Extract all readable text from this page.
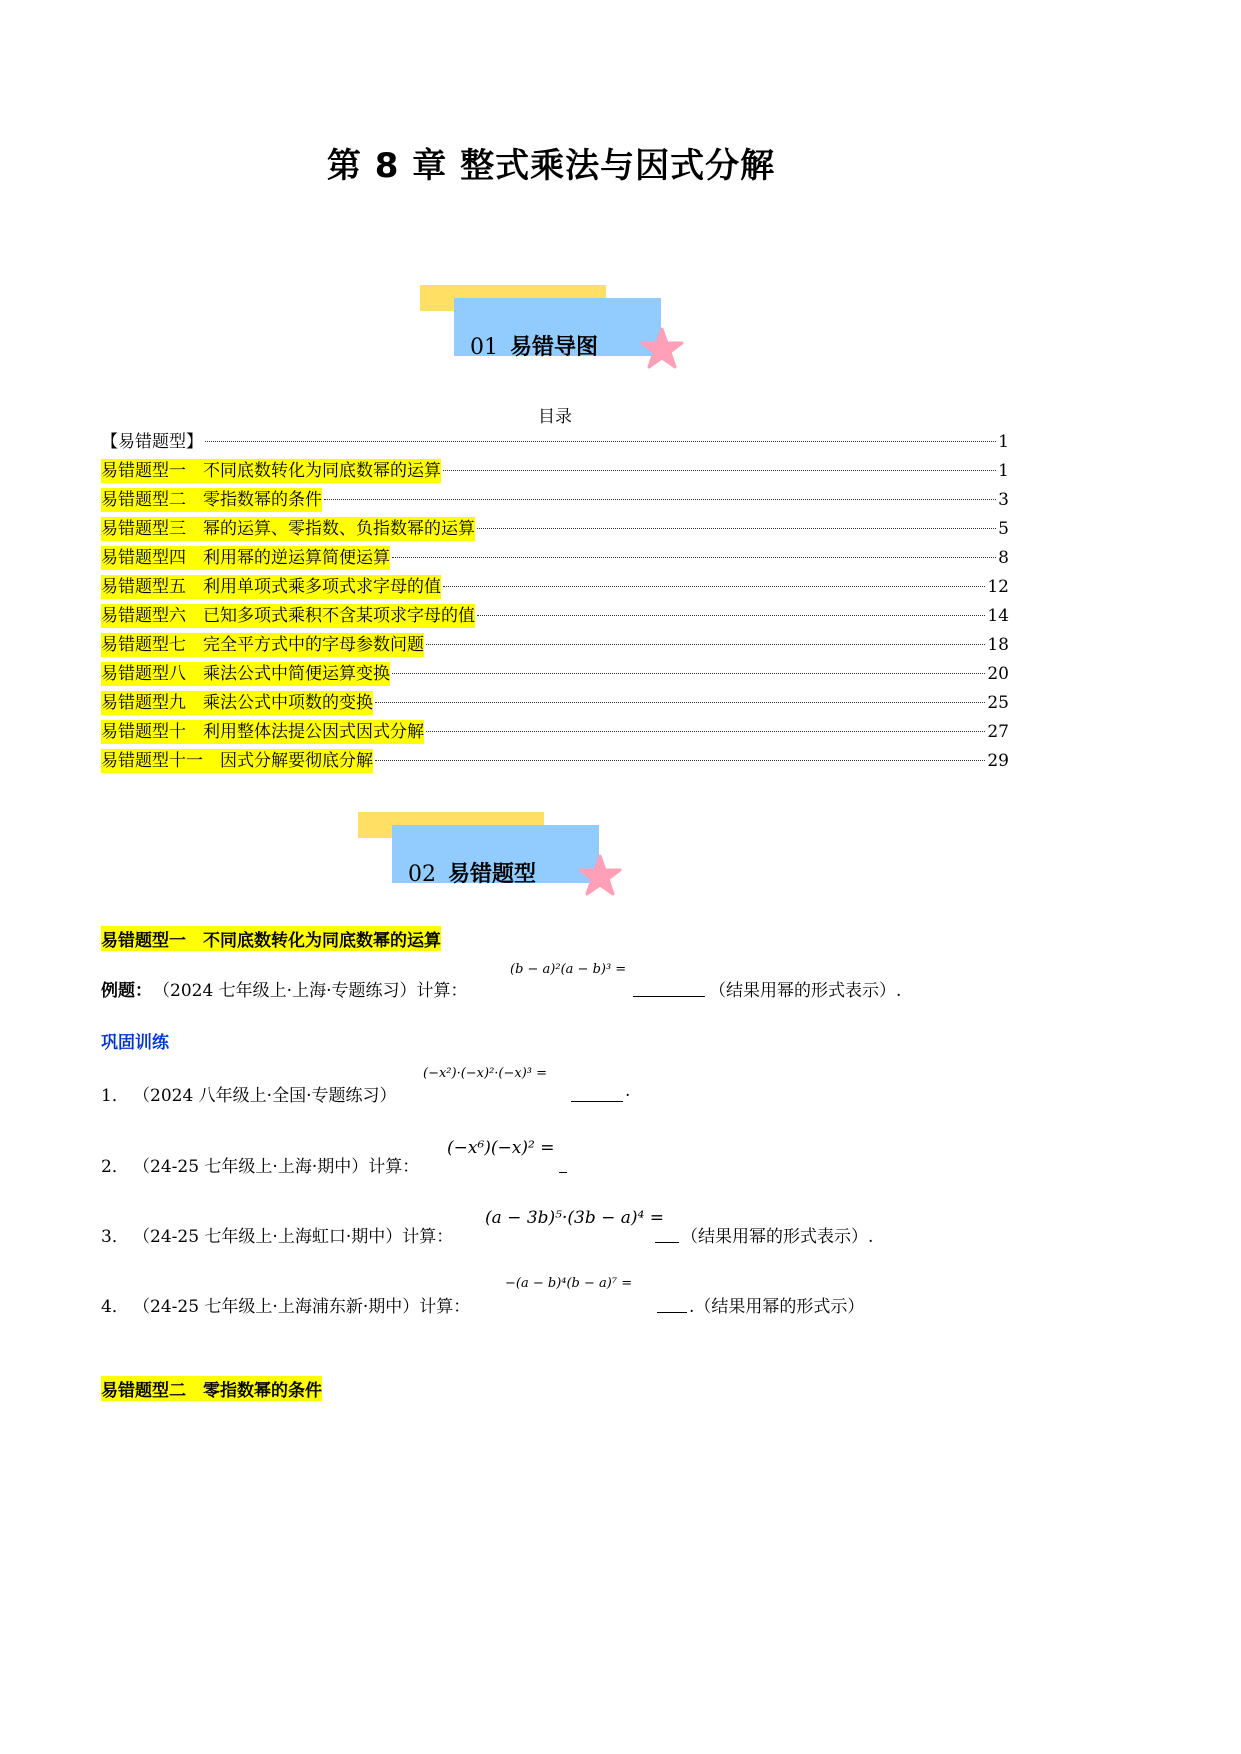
第 8 章 整式乘法与因式分解
01 易错导图
目录
【易错题型】	1
易错题型一　不同底数转化为同底数幂的运算	1
易错题型二　零指数幂的条件	3
易错题型三　幂的运算、零指数、负指数幂的运算	5
易错题型四　利用幂的逆运算简便运算	8
易错题型五　利用单项式乘多项式求字母的值	12
易错题型六　已知多项式乘积不含某项求字母的值	14
易错题型七　完全平方式中的字母参数问题	18
易错题型八　乘法公式中简便运算变换	20
易错题型九　乘法公式中项数的变换	25
易错题型十　利用整体法提公因式因式分解	27
易错题型十一　因式分解要彻底分解	29
02 易错题型
易错题型一　不同底数转化为同底数幂的运算
例题： （2024 七年级上·上海·专题练习）计算：
(b − a)²(a − b)³ =
（结果用幂的形式表示）.
巩固训练
1． （2024 八年级上·全国·专题练习）
(−x²)·(−x)²·(−x)³ =
.
2． （24-25 七年级上·上海·期中）计算：
(−x⁶)(−x)² =
3． （24-25 七年级上·上海虹口·期中）计算：
(a − 3b)⁵·(3b − a)⁴ =
（结果用幂的形式表示）.
4． （24-25 七年级上·上海浦东新·期中）计算：
−(a − b)⁴(b − a)⁷ =
.（结果用幂的形式示）
易错题型二　零指数幂的条件
